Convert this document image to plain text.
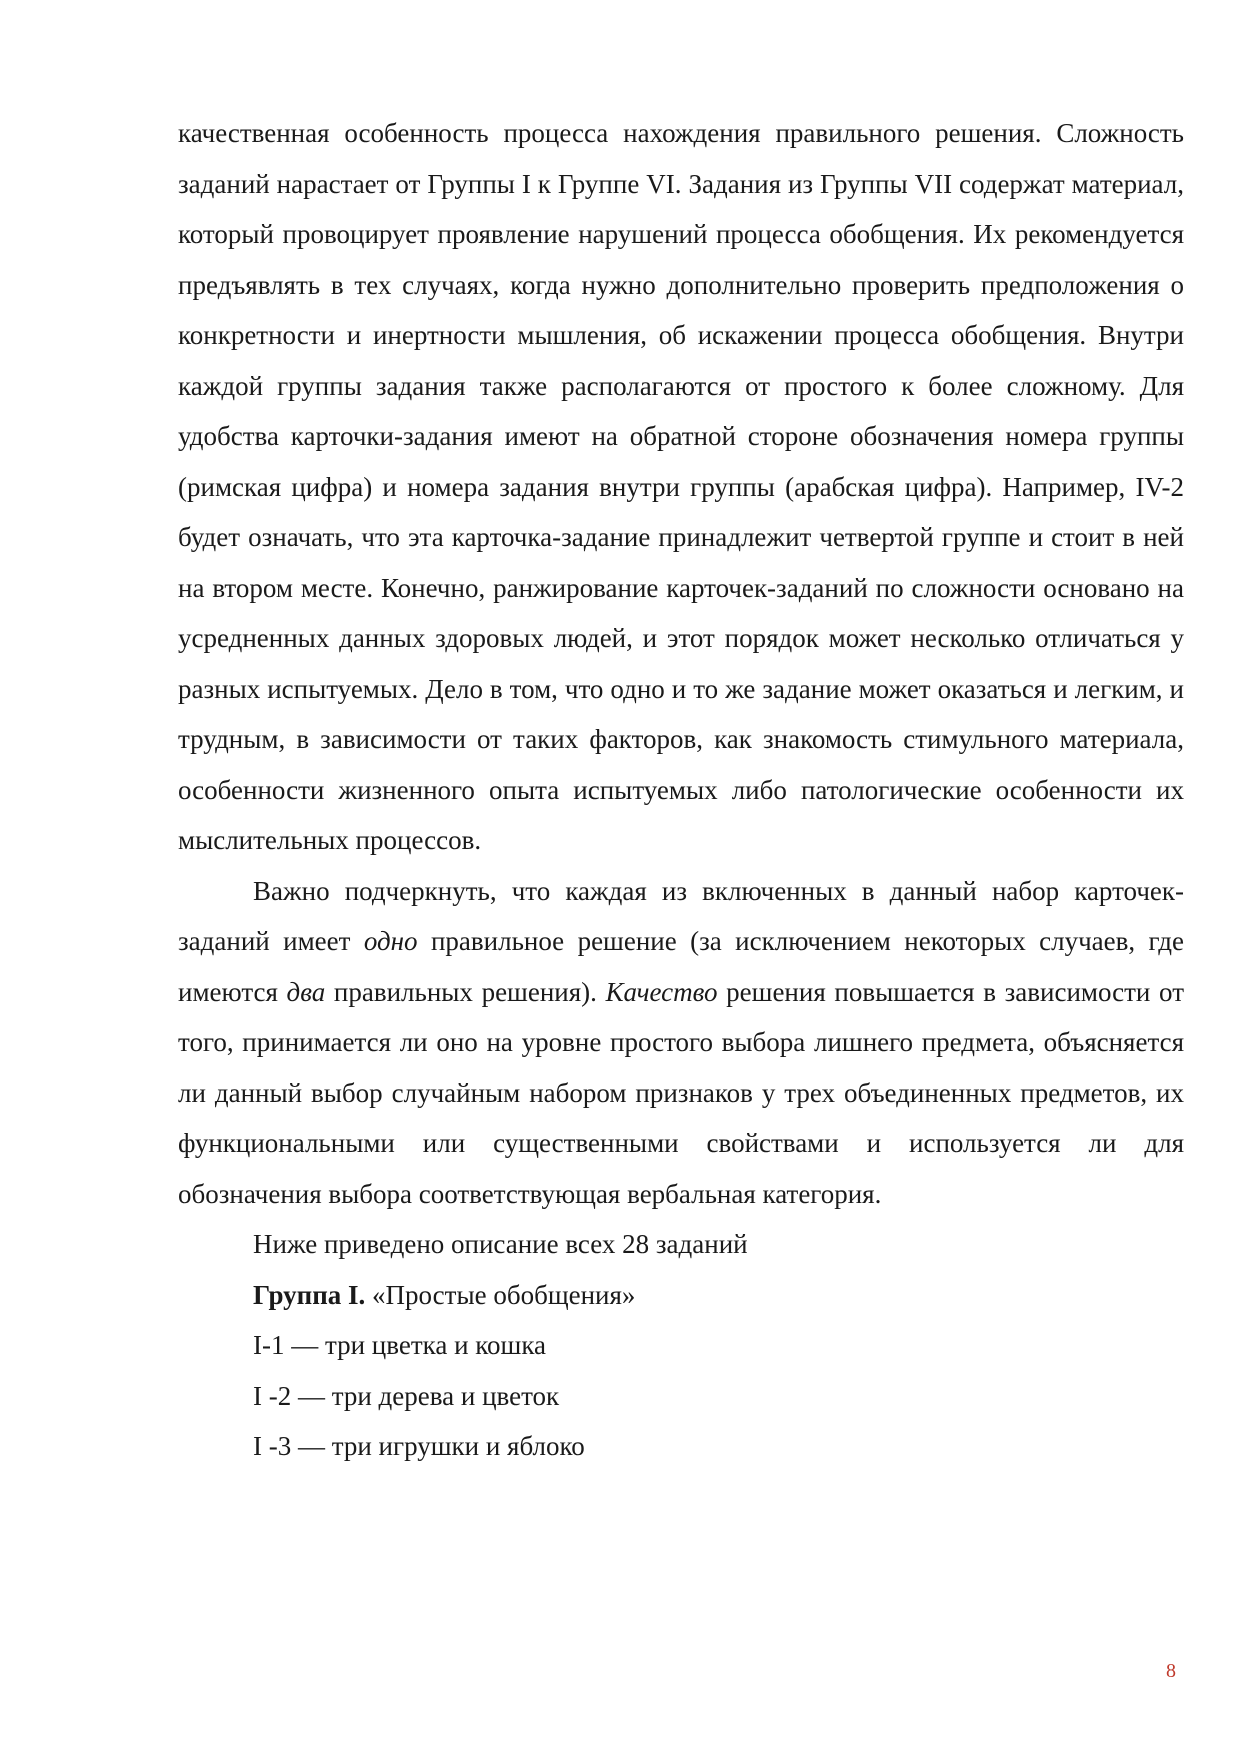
качественная особенность процесса нахождения правильного решения. Сложность заданий нарастает от Группы I к Группе VI. Задания из Группы VII содержат материал, который провоцирует проявление нарушений процесса обобщения. Их рекомендуется предъявлять в тех случаях, когда нужно дополнительно проверить предположения о конкретности и инертности мышления, об искажении процесса обобщения. Внутри каждой группы задания также располагаются от простого к более сложному. Для удобства карточки-задания имеют на обратной стороне обозначения номера группы (римская цифра) и номера задания внутри группы (арабская цифра). Например, IV-2 будет означать, что эта карточка-задание принадлежит четвертой группе и стоит в ней на втором месте. Конечно, ранжирование карточек-заданий по сложности основано на усредненных данных здоровых людей, и этот порядок может несколько отличаться у разных испытуемых. Дело в том, что одно и то же задание может оказаться и легким, и трудным, в зависимости от таких факторов, как знакомость стимульного материала, особенности жизненного опыта испытуемых либо патологические особенности их мыслительных процессов.

Важно подчеркнуть, что каждая из включенных в данный набор карточек-заданий имеет одно правильное решение (за исключением некоторых случаев, где имеются два правильных решения). Качество решения повышается в зависимости от того, принимается ли оно на уровне простого выбора лишнего предмета, объясняется ли данный выбор случайным набором признаков у трех объединенных предметов, их функциональными или существенными свойствами и используется ли для обозначения выбора соответствующая вербальная категория.

Ниже приведено описание всех 28 заданий

Группа I. «Простые обобщения»

I-1 — три цветка и кошка

I -2 — три дерева и цветок

I -3 — три игрушки и яблоко

8
